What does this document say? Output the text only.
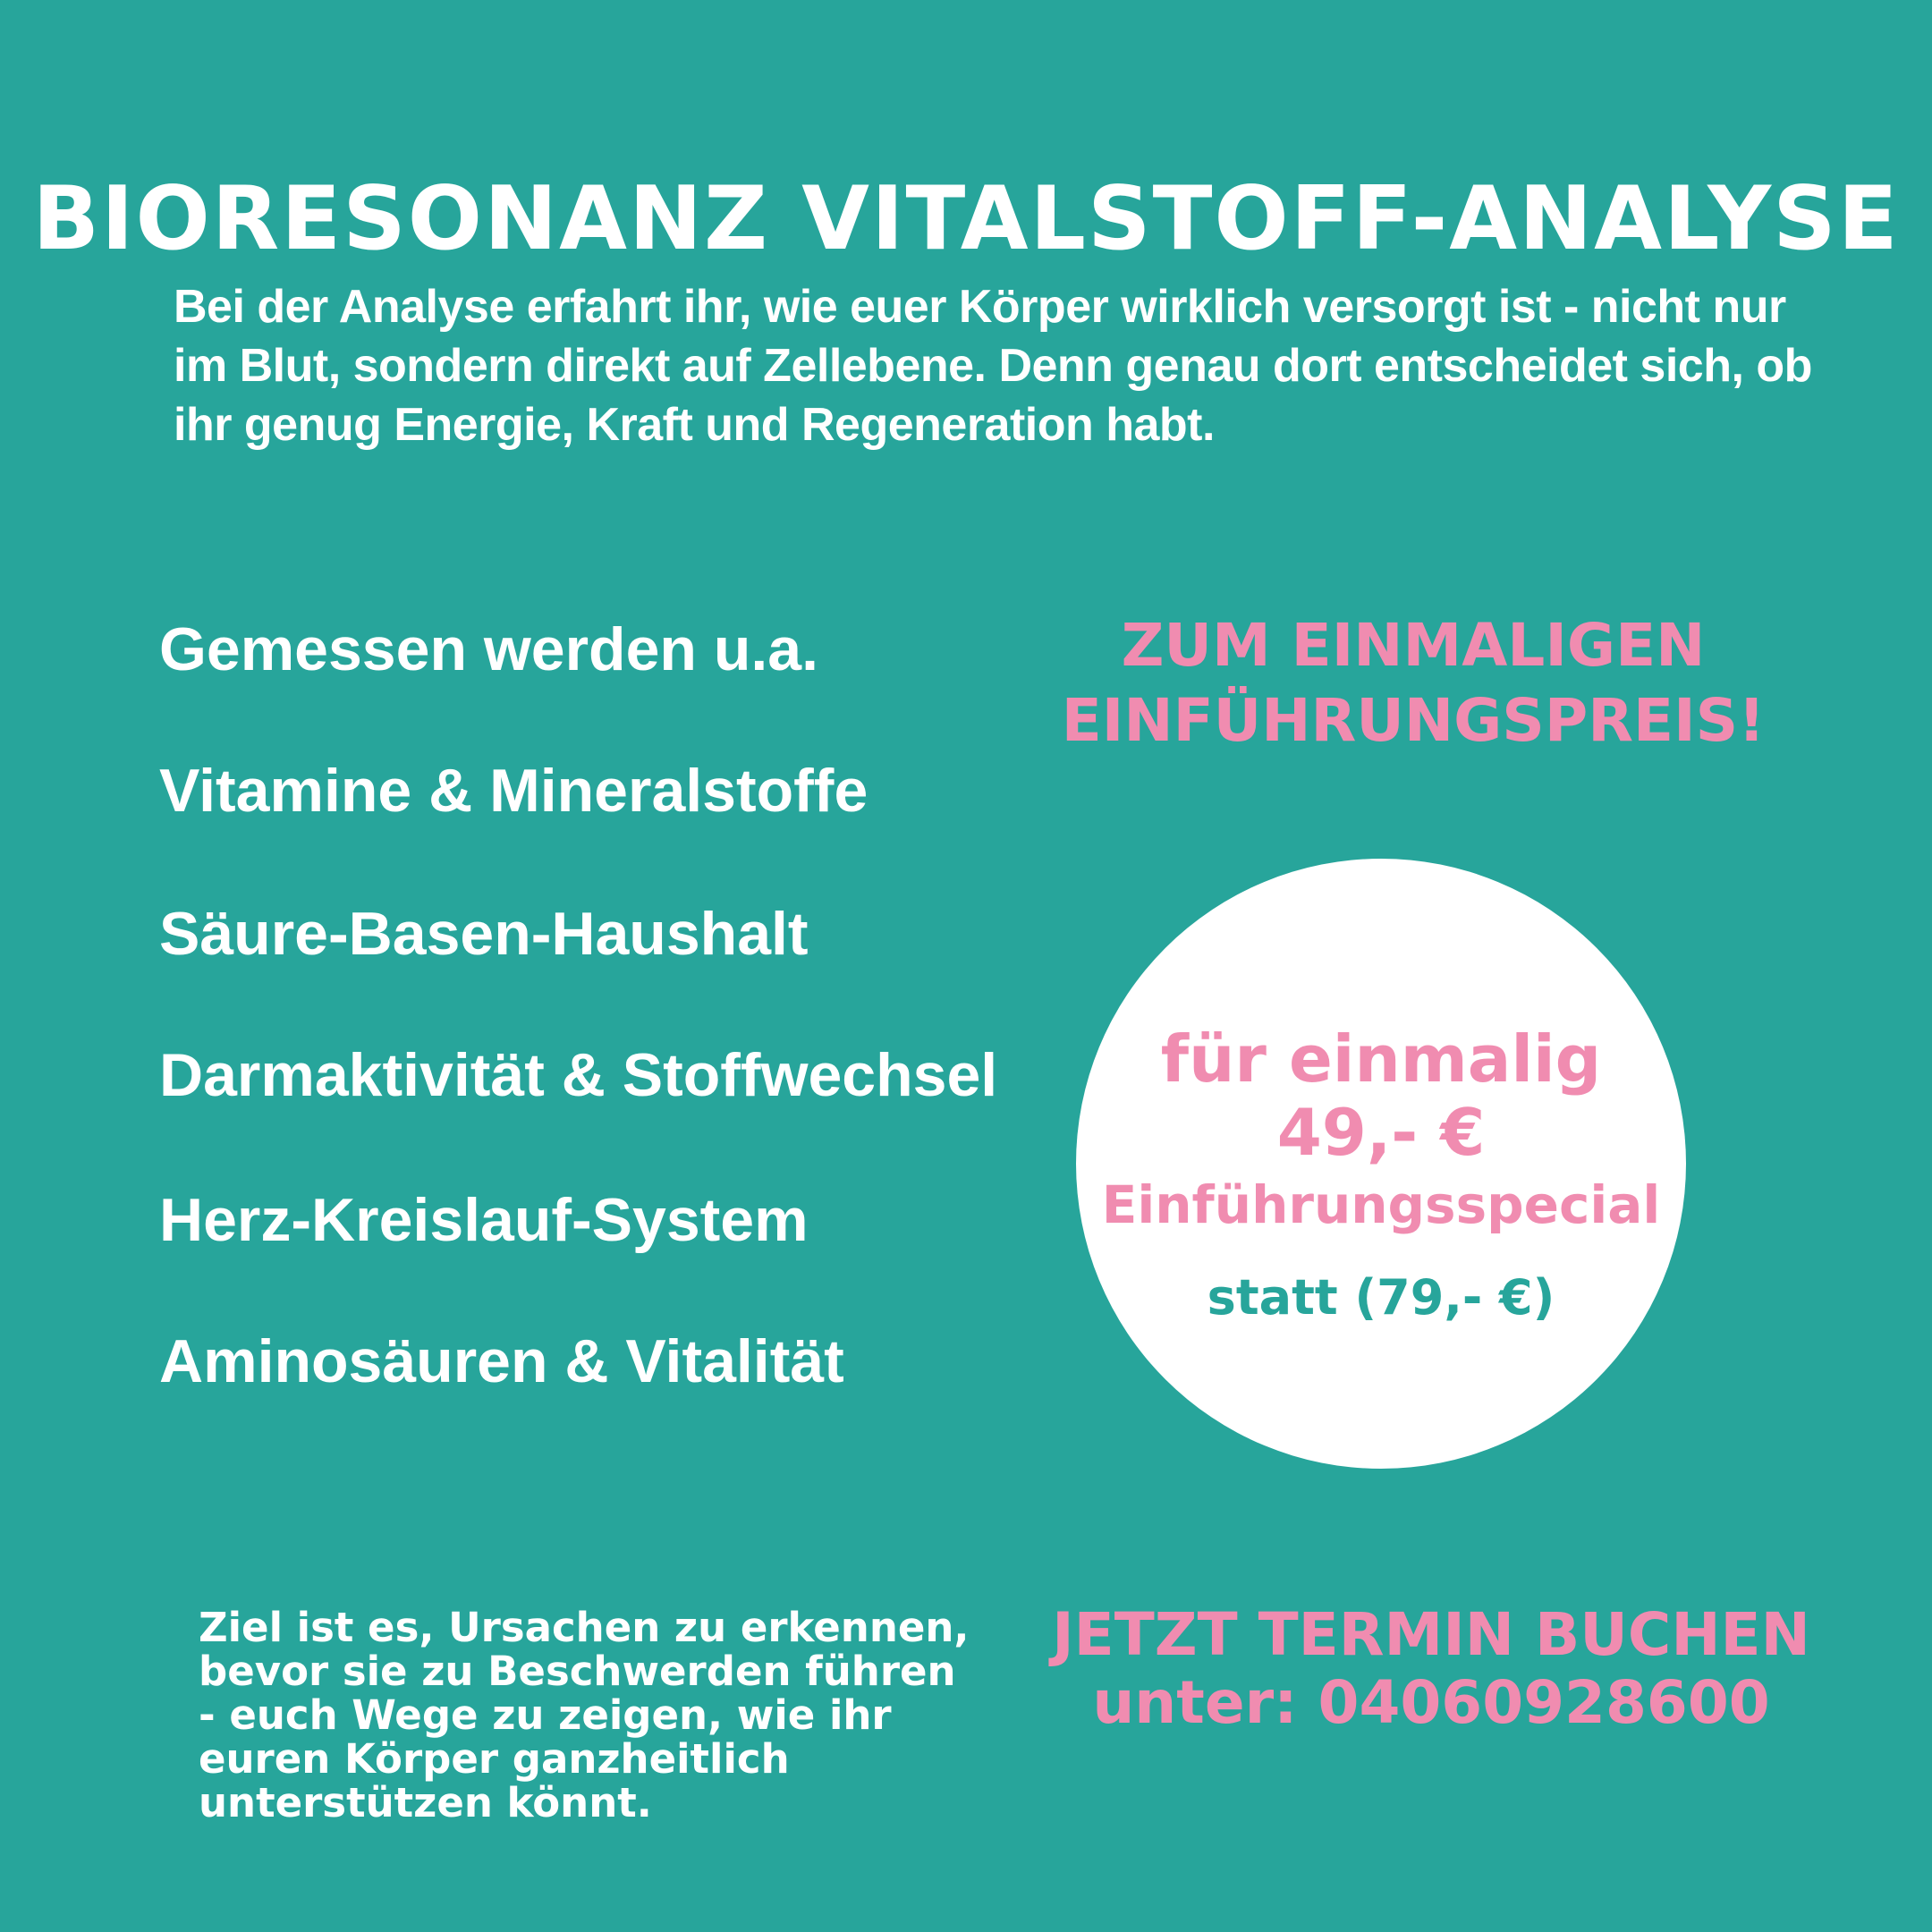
BIORESONANZ VITALSTOFF-ANALYSE
Bei der Analyse erfahrt ihr, wie euer Körper wirklich versorgt ist - nicht nur
im Blut, sondern direkt auf Zellebene. Denn genau dort entscheidet sich, ob
ihr genug Energie, Kraft und Regeneration habt.
Gemessen werden u.a.
Vitamine & Mineralstoffe
Säure-Basen-Haushalt
Darmaktivität & Stoffwechsel
Herz-Kreislauf-System
Aminosäuren & Vitalität
ZUM EINMALIGEN
EINFÜHRUNGSPREIS!
für einmalig
49,- €
Einführungsspecial
statt (79,- €)
Ziel ist es, Ursachen zu erkennen,
bevor sie zu Beschwerden führen
- euch Wege zu zeigen, wie ihr
euren Körper ganzheitlich
unterstützen könnt.
JETZT TERMIN BUCHEN
unter: 04060928600
